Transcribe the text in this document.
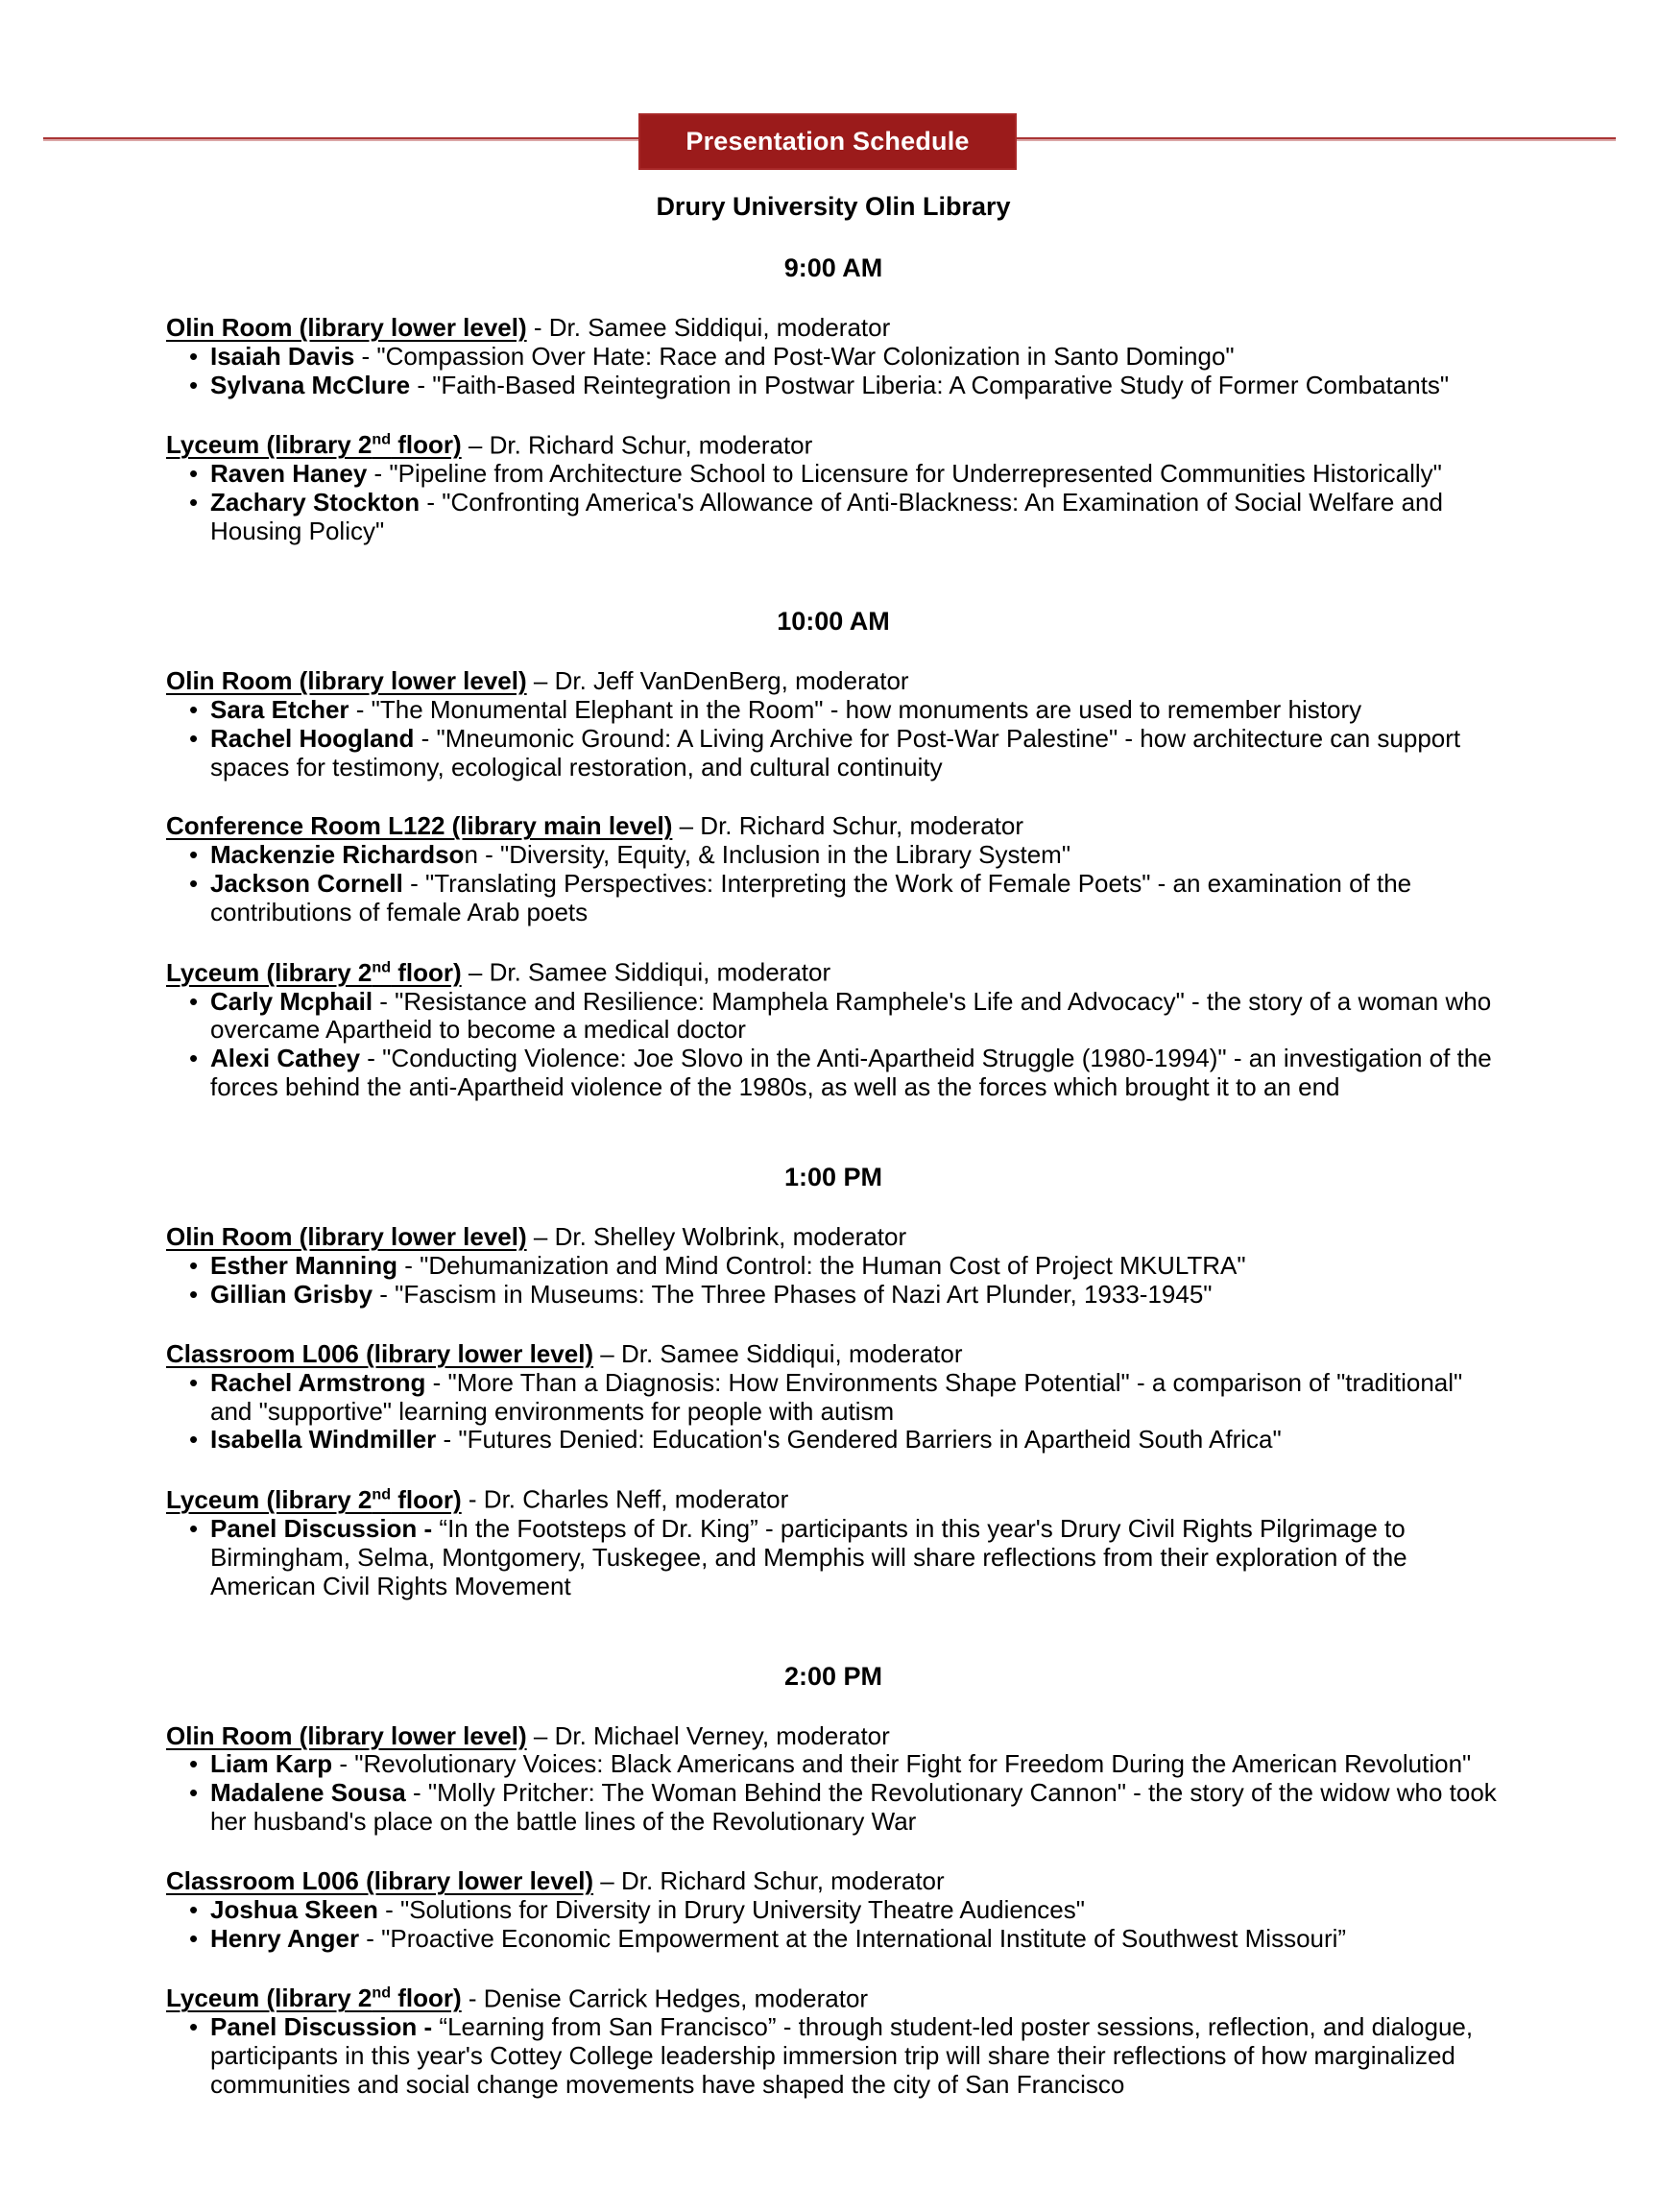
Presentation Schedule
Drury University Olin Library
9:00 AM
Olin Room (library lower level) - Dr. Samee Siddiqui, moderator
• Isaiah Davis - "Compassion Over Hate: Race and Post-War Colonization in Santo Domingo"
• Sylvana McClure - "Faith-Based Reintegration in Postwar Liberia: A Comparative Study of Former Combatants"
Lyceum (library 2nd floor) – Dr. Richard Schur, moderator
• Raven Haney - "Pipeline from Architecture School to Licensure for Underrepresented Communities Historically"
• Zachary Stockton - "Confronting America's Allowance of Anti-Blackness: An Examination of Social Welfare and Housing Policy"
10:00 AM
Olin Room (library lower level) – Dr. Jeff VanDenBerg, moderator
• Sara Etcher - "The Monumental Elephant in the Room" - how monuments are used to remember history
• Rachel Hoogland - "Mneumonic Ground: A Living Archive for Post-War Palestine" - how architecture can support spaces for testimony, ecological restoration, and cultural continuity
Conference Room L122 (library main level) – Dr. Richard Schur, moderator
• Mackenzie Richardson - "Diversity, Equity, & Inclusion in the Library System"
• Jackson Cornell - "Translating Perspectives: Interpreting the Work of Female Poets" - an examination of the contributions of female Arab poets
Lyceum (library 2nd floor) – Dr. Samee Siddiqui, moderator
• Carly Mcphail - "Resistance and Resilience: Mamphela Ramphele's Life and Advocacy" - the story of a woman who overcame Apartheid to become a medical doctor
• Alexi Cathey - "Conducting Violence: Joe Slovo in the Anti-Apartheid Struggle (1980-1994)" - an investigation of the forces behind the anti-Apartheid violence of the 1980s, as well as the forces which brought it to an end
1:00 PM
Olin Room (library lower level) – Dr. Shelley Wolbrink, moderator
• Esther Manning - "Dehumanization and Mind Control: the Human Cost of Project MKULTRA"
• Gillian Grisby - "Fascism in Museums: The Three Phases of Nazi Art Plunder, 1933-1945"
Classroom L006 (library lower level) – Dr. Samee Siddiqui, moderator
• Rachel Armstrong - "More Than a Diagnosis: How Environments Shape Potential" - a comparison of "traditional" and "supportive" learning environments for people with autism
• Isabella Windmiller - "Futures Denied: Education's Gendered Barriers in Apartheid South Africa"
Lyceum (library 2nd floor) - Dr. Charles Neff, moderator
• Panel Discussion - “In the Footsteps of Dr. King” - participants in this year's Drury Civil Rights Pilgrimage to Birmingham, Selma, Montgomery, Tuskegee, and Memphis will share reflections from their exploration of the American Civil Rights Movement
2:00 PM
Olin Room (library lower level) – Dr. Michael Verney, moderator
• Liam Karp - "Revolutionary Voices: Black Americans and their Fight for Freedom During the American Revolution"
• Madalene Sousa - "Molly Pritcher: The Woman Behind the Revolutionary Cannon" - the story of the widow who took her husband's place on the battle lines of the Revolutionary War
Classroom L006 (library lower level) – Dr. Richard Schur, moderator
• Joshua Skeen - "Solutions for Diversity in Drury University Theatre Audiences"
• Henry Anger - "Proactive Economic Empowerment at the International Institute of Southwest Missouri”
Lyceum (library 2nd floor) - Denise Carrick Hedges, moderator
• Panel Discussion - “Learning from San Francisco” - through student-led poster sessions, reflection, and dialogue, participants in this year's Cottey College leadership immersion trip will share their reflections of how marginalized communities and social change movements have shaped the city of San Francisco
